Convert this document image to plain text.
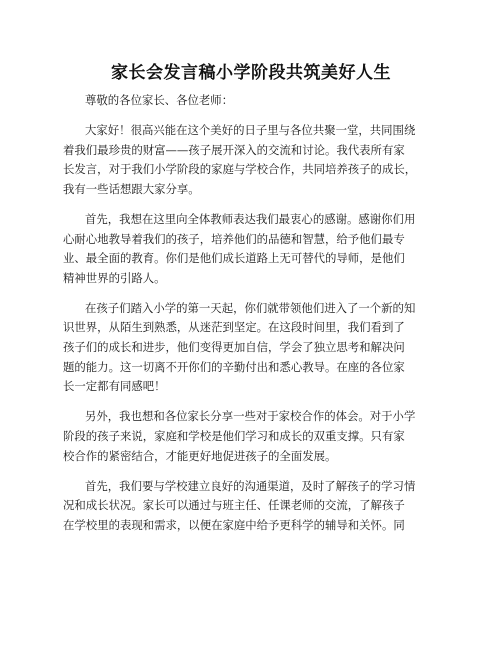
家长会发言稿小学阶段共筑美好人生
尊敬的各位家长、各位老师：
大家好！很高兴能在这个美好的日子里与各位共聚一堂，共同围绕
着我们最珍贵的财富——孩子展开深入的交流和讨论。我代表所有家
长发言，对于我们小学阶段的家庭与学校合作，共同培养孩子的成长，
我有一些话想跟大家分享。
首先，我想在这里向全体教师表达我们最衷心的感谢。感谢你们用
心耐心地教导着我们的孩子，培养他们的品德和智慧，给予他们最专
业、最全面的教育。你们是他们成长道路上无可替代的导师，是他们
精神世界的引路人。
在孩子们踏入小学的第一天起，你们就带领他们进入了一个新的知
识世界，从陌生到熟悉，从迷茫到坚定。在这段时间里，我们看到了
孩子们的成长和进步，他们变得更加自信，学会了独立思考和解决问
题的能力。这一切离不开你们的辛勤付出和悉心教导。在座的各位家
长一定都有同感吧！
另外，我也想和各位家长分享一些对于家校合作的体会。对于小学
阶段的孩子来说，家庭和学校是他们学习和成长的双重支撑。只有家
校合作的紧密结合，才能更好地促进孩子的全面发展。
首先，我们要与学校建立良好的沟通渠道，及时了解孩子的学习情
况和成长状况。家长可以通过与班主任、任课老师的交流，了解孩子
在学校里的表现和需求，以便在家庭中给予更科学的辅导和关怀。同
